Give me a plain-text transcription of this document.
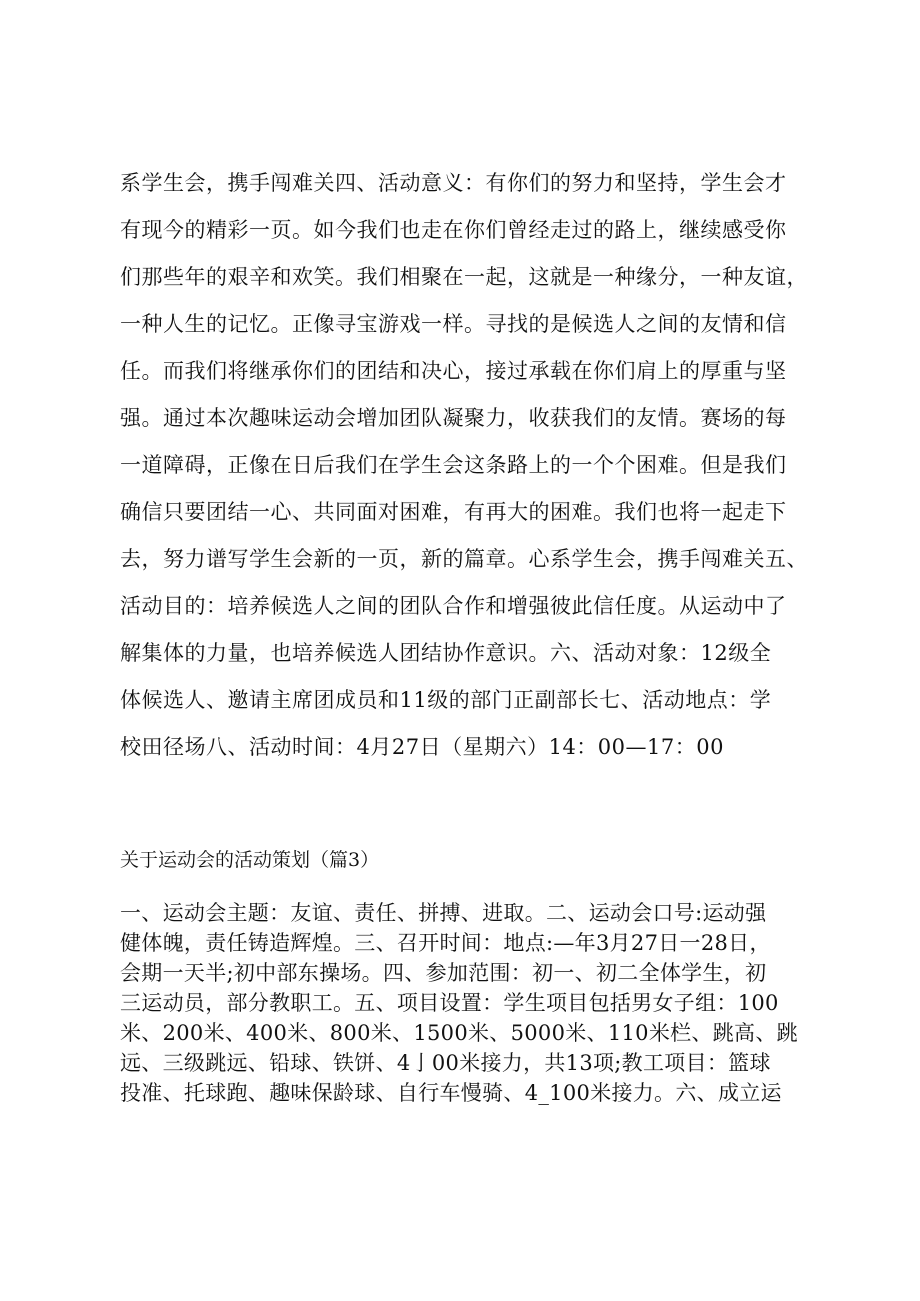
系学生会，携手闯难关四、活动意义：有你们的努力和坚持，学生会才
有现今的精彩一页。如今我们也走在你们曾经走过的路上，继续感受你
们那些年的艰辛和欢笑。我们相聚在一起，这就是一种缘分，一种友谊，
一种人生的记忆。正像寻宝游戏一样。寻找的是候选人之间的友情和信
任。而我们将继承你们的团结和决心，接过承载在你们肩上的厚重与坚
强。通过本次趣味运动会增加团队凝聚力，收获我们的友情。赛场的每
一道障碍，正像在日后我们在学生会这条路上的一个个困难。但是我们
确信只要团结一心、共同面对困难，有再大的困难。我们也将一起走下
去，努力谱写学生会新的一页，新的篇章。心系学生会，携手闯难关五、
活动目的：培养候选人之间的团队合作和增强彼此信任度。从运动中了
解集体的力量，也培养候选人团结协作意识。六、活动对象：12级全
体候选人、邀请主席团成员和11级的部门正副部长七、活动地点：学
校田径场八、活动时间：4月27日（星期六）14：00—17：00
关于运动会的活动策划（篇3）
一、运动会主题：友谊、责任、拼搏、进取。二、运动会口号:运动强
健体魄，责任铸造辉煌。三、召开时间：地点:—年3月27日一28日，
会期一天半;初中部东操场。四、参加范围：初一、初二全体学生，初
三运动员，部分教职工。五、项目设置：学生项目包括男女子组：100
米、200米、400米、800米、1500米、5000米、110米栏、跳高、跳
远、三级跳远、铅球、铁饼、4亅00米接力，共13项;教工项目：篮球
投准、托球跑、趣味保龄球、自行车慢骑、4_100米接力。六、成立运
